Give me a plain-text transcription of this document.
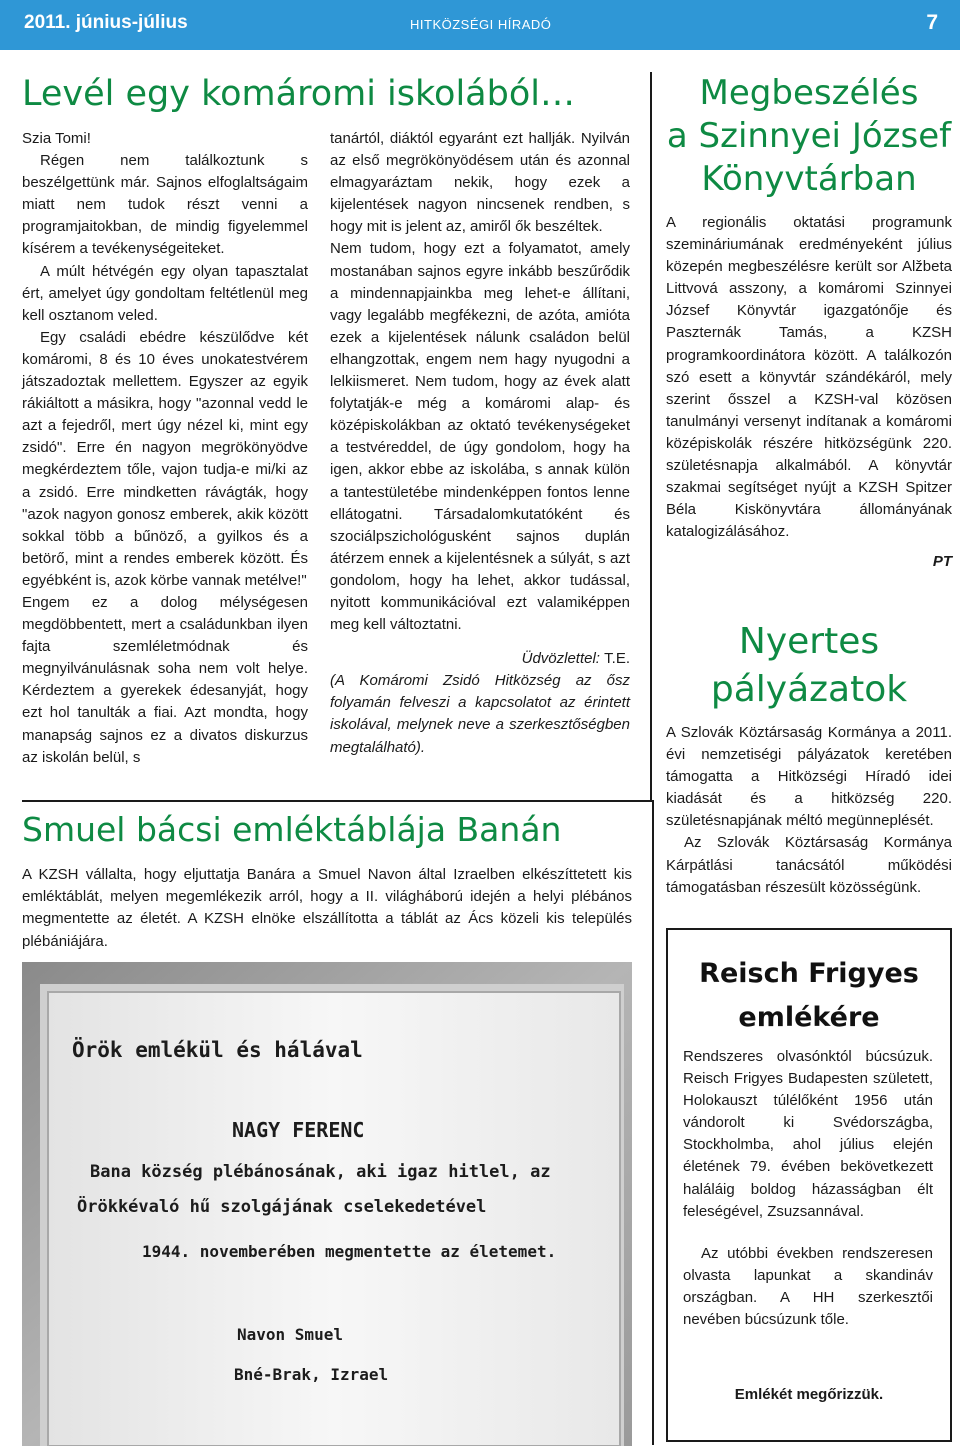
2011. június-július	HITKÖZSÉGI HÍRADÓ	7
Levél egy komáromi iskolából…

Szia Tomi!

Régen nem találkoztunk s beszélgettünk már. Sajnos elfoglaltságaim miatt nem tudok részt venni a programjaitokban, de mindig figyelemmel kísérem a tevékenységeiteket.

A múlt hétvégén egy olyan tapasztalat ért, amelyet úgy gondoltam feltétlenül meg kell osztanom veled.

Egy családi ebédre készülődve két komáromi, 8 és 10 éves unokatestvérem játszadoztak mellettem. Egyszer az egyik rákiáltott a másikra, hogy "azonnal vedd le azt a fejedről, mert úgy nézel ki, mint egy zsidó". Erre én nagyon megrökönyödve megkérdeztem tőle, vajon tudja-e mi/ki az a zsidó. Erre mindketten rávágták, hogy "azok nagyon gonosz emberek, akik között sokkal több a bűnöző, a gyilkos és a betörő, mint a rendes emberek között. És egyébként is, azok körbe vannak metélve!"

Engem ez a dolog mélységesen megdöbbentett, mert a családunkban ilyen fajta szemléletmódnak és megnyilvánulásnak soha nem volt helye. Kérdeztem a gyerekek édesanyját, hogy ezt hol tanulták a fiai. Azt mondta, hogy manapság sajnos ez a divatos diskurzus az iskolán belül, s

tanártól, diáktól egyaránt ezt hallják. Nyilván az első megrökönyödésem után és azonnal elmagyaráztam nekik, hogy ezek a kijelentések nagyon nincsenek rendben, s hogy mit is jelent az, amiről ők beszéltek.

Nem tudom, hogy ezt a folyamatot, amely mostanában sajnos egyre inkább beszűrődik a mindennapjainkba meg lehet-e állítani, vagy legalább megfékezni, de azóta, amióta ezek a kijelentések nálunk családon belül elhangzottak, engem nem hagy nyugodni a lelkiismeret. Nem tudom, hogy az évek alatt folytatják-e még a komáromi alap- és középiskolákban az oktató tevékenységeket a testvéreddel, de úgy gondolom, hogy ha igen, akkor ebbe az iskolába, s annak külön a tantestületébe mindenképpen fontos lenne ellátogatni. Társadalomkutatóként és szociálpszichológusként sajnos duplán átérzem ennek a kijelentésnek a súlyát, s azt gondolom, hogy ha lehet, akkor tudással, nyitott kommunikációval ezt valamiképpen meg kell változtatni.

Üdvözlettel: T.E.

(A Komáromi Zsidó Hitközség az ősz folyamán felveszi a kapcsolatot az érintett iskolával, melynek neve a szerkesztőségben megtalálható).

Smuel bácsi emléktáblája Banán
A KZSH vállalta, hogy eljuttatja Banára a Smuel Navon által Izraelben elkészíttetett kis emléktáblát, melyen megemlékezik arról, hogy a II. világháború idején a helyi plébános megmentette az életét. A KZSH elnöke elszállította a táblát az Ács közeli kis település plébániájára.
Örök emlékül és hálával
NAGY FERENC
Bana község plébánosának, aki igaz hitlel, az
Örökkévaló hű szolgájának cselekedetével
1944. novemberében megmentette az életemet.
Navon Smuel
Bné-Brak, Izrael
Megbeszélés
a Szinnyei József
Könyvtárban

A regionális oktatási programunk szemináriumának eredményeként július közepén megbeszélésre került sor Alžbeta Littvová asszony, a komáromi Szinnyei József Könyvtár igazgatónője és Paszternák Tamás, a KZSH programkoordinátora között. A találkozón szó esett a könyvtár szándékáról, mely szerint ősszel a KZSH-val közösen tanulmányi versenyt indítanak a komáromi középiskolák részére hitközségünk 220. születésnapja alkalmából. A könyvtár szakmai segítséget nyújt a KZSH Spitzer Béla Kiskönyvtára állományának katalogizálásához.

PT

Nyertes
pályázatok

A Szlovák Köztársaság Kormánya a 2011. évi nemzetiségi pályázatok keretében támogatta a Hitközségi Híradó idei kiadását és a hitközség 220. születésnapjának méltó megünneplését.

Az Szlovák Köztársaság Kormánya Kárpátlási tanácsától működési támogatásban részesült közösségünk.

Reisch Frigyes
emlékére

Rendszeres olvasónktól búcsúzuk. Reisch Frigyes Budapesten született, Holokauszt túlélőként 1956 után vándorolt ki Svédországba, Stockholmba, ahol július elején életének 79. évében bekövetkezett haláláig boldog házasságban élt feleségével, Zsuzsannával.

Az utóbbi években rendszeresen olvasta lapunkat a skandináv országban. A HH szerkesztői nevében búcsúzunk tőle.

Emlékét megőrizzük.
